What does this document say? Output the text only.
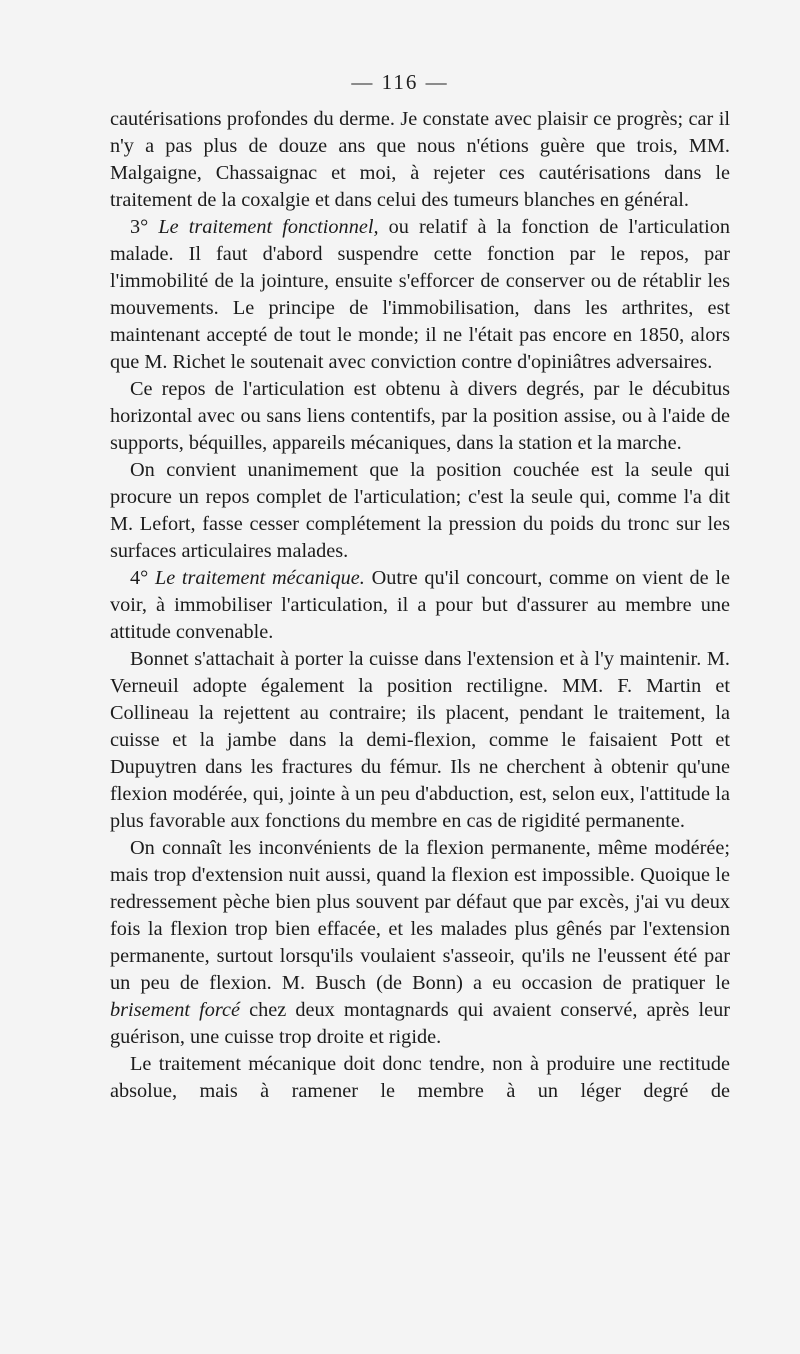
— 116 —

cautérisations profondes du derme. Je constate avec plaisir ce progrès; car il n'y a pas plus de douze ans que nous n'étions guère que trois, MM. Malgaigne, Chassaignac et moi, à rejeter ces cautérisations dans le traitement de la coxalgie et dans celui des tumeurs blanches en général.

3° Le traitement fonctionnel, ou relatif à la fonction de l'articulation malade. Il faut d'abord suspendre cette fonction par le repos, par l'immobilité de la jointure, ensuite s'efforcer de conserver ou de rétablir les mouvements. Le principe de l'immobilisation, dans les arthrites, est maintenant accepté de tout le monde; il ne l'était pas encore en 1850, alors que M. Richet le soutenait avec conviction contre d'opiniâtres adversaires.

Ce repos de l'articulation est obtenu à divers degrés, par le décubitus horizontal avec ou sans liens contentifs, par la position assise, ou à l'aide de supports, béquilles, appareils mécaniques, dans la station et la marche.

On convient unanimement que la position couchée est la seule qui procure un repos complet de l'articulation; c'est la seule qui, comme l'a dit M. Lefort, fasse cesser complétement la pression du poids du tronc sur les surfaces articulaires malades.

4° Le traitement mécanique. Outre qu'il concourt, comme on vient de le voir, à immobiliser l'articulation, il a pour but d'assurer au membre une attitude convenable.

Bonnet s'attachait à porter la cuisse dans l'extension et à l'y maintenir. M. Verneuil adopte également la position rectiligne. MM. F. Martin et Collineau la rejettent au contraire; ils placent, pendant le traitement, la cuisse et la jambe dans la demi-flexion, comme le faisaient Pott et Dupuytren dans les fractures du fémur. Ils ne cherchent à obtenir qu'une flexion modérée, qui, jointe à un peu d'abduction, est, selon eux, l'attitude la plus favorable aux fonctions du membre en cas de rigidité permanente.

On connaît les inconvénients de la flexion permanente, même modérée; mais trop d'extension nuit aussi, quand la flexion est impossible. Quoique le redressement pèche bien plus souvent par défaut que par excès, j'ai vu deux fois la flexion trop bien effacée, et les malades plus gênés par l'extension permanente, surtout lorsqu'ils voulaient s'asseoir, qu'ils ne l'eussent été par un peu de flexion. M. Busch (de Bonn) a eu occasion de pratiquer le brisement forcé chez deux montagnards qui avaient conservé, après leur guérison, une cuisse trop droite et rigide.

Le traitement mécanique doit donc tendre, non à produire une rectitude absolue, mais à ramener le membre à un léger degré de
